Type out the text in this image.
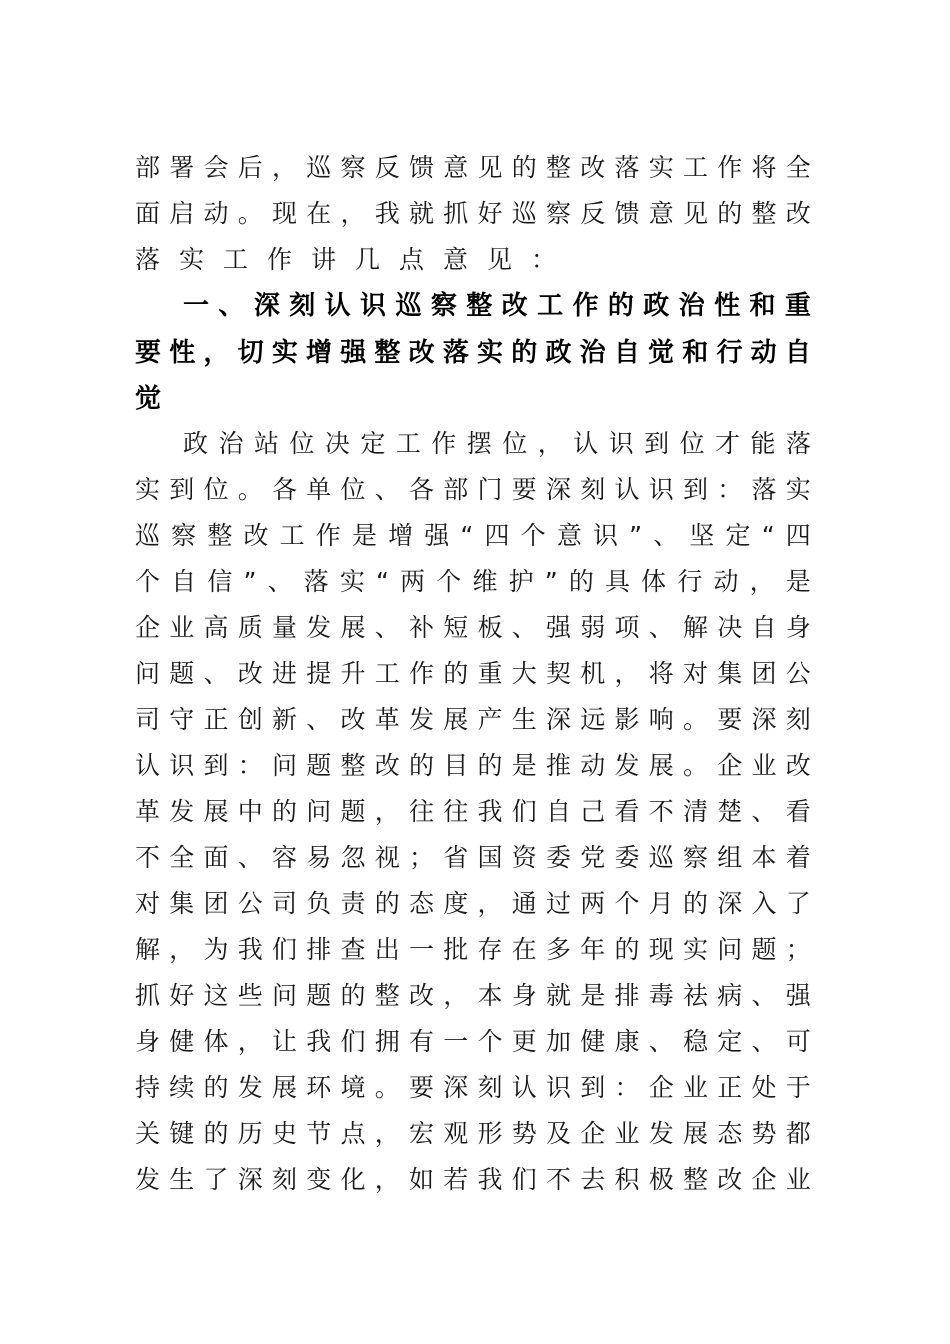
部 署 会 后 ， 巡 察 反 馈 意 见 的 整 改 落 实 工 作 将 全

面 启 动 。 现 在 ， 我 就 抓 好 巡 察 反 馈 意 见 的 整 改

落实工作讲几点意见：

一 、 深 刻 认 识 巡 察 整 改 工 作 的 政 治 性 和 重

要 性 ， 切 实 增 强 整 改 落 实 的 政 治 自 觉 和 行 动 自

觉

政 治 站 位 决 定 工 作 摆 位 ， 认 识 到 位 才 能 落

实 到 位 。 各 单 位 、 各 部 门 要 深 刻 认 识 到 ： 落 实

巡 察 整 改 工 作 是 增 强 “ 四 个 意 识 ” 、 坚 定 “ 四

个 自 信 ” 、 落 实 “ 两 个 维 护 ” 的 具 体 行 动 ， 是

企 业 高 质 量 发 展 、 补 短 板 、 强 弱 项 、 解 决 自 身

问 题 、 改 进 提 升 工 作 的 重 大 契 机 ， 将 对 集 团 公

司 守 正 创 新 、 改 革 发 展 产 生 深 远 影 响 。 要 深 刻

认 识 到 ： 问 题 整 改 的 目 的 是 推 动 发 展 。 企 业 改

革 发 展 中 的 问 题 ， 往 往 我 们 自 己 看 不 清 楚 、 看

不 全 面 、 容 易 忽 视 ； 省 国 资 委 党 委 巡 察 组 本 着

对 集 团 公 司 负 责 的 态 度 ， 通 过 两 个 月 的 深 入 了

解 ， 为 我 们 排 查 出 一 批 存 在 多 年 的 现 实 问 题 ；

抓 好 这 些 问 题 的 整 改 ， 本 身 就 是 排 毒 祛 病 、 强

身 健 体 ， 让 我 们 拥 有 一 个 更 加 健 康 、 稳 定 、 可

持 续 的 发 展 环 境 。 要 深 刻 认 识 到 ： 企 业 正 处 于

关 键 的 历 史 节 点 ， 宏 观 形 势 及 企 业 发 展 态 势 都

发 生 了 深 刻 变 化 ， 如 若 我 们 不 去 积 极 整 改 企 业
